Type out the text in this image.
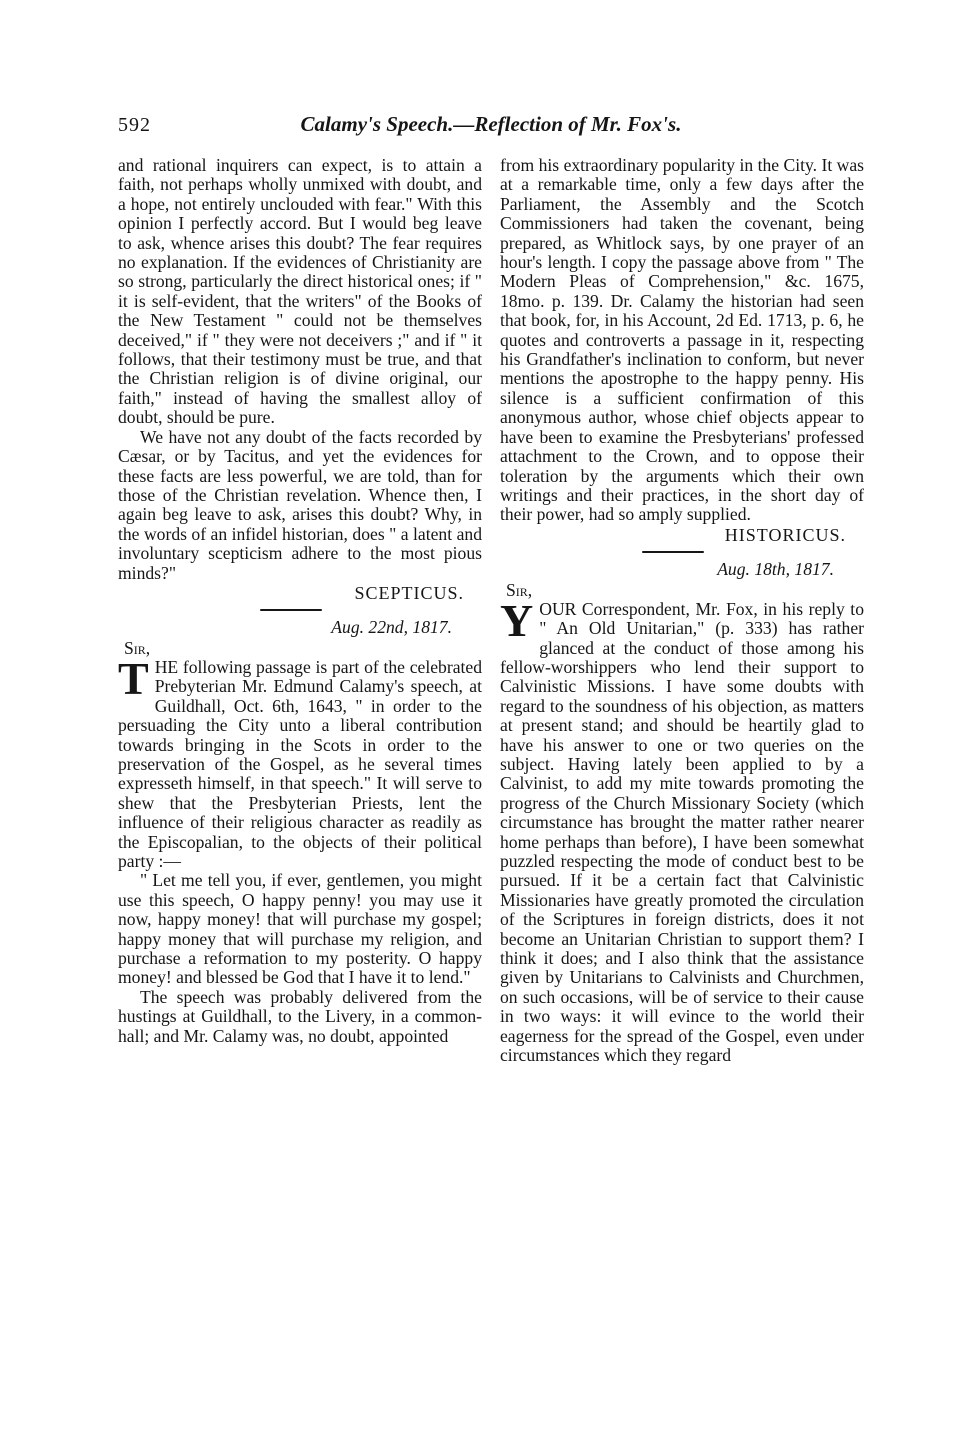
592	Calamy's Speech.—Reflection of Mr. Fox's.

and rational inquirers can expect, is to attain a faith, not perhaps wholly unmixed with doubt, and a hope, not entirely unclouded with fear." With this opinion I perfectly accord. But I would beg leave to ask, whence arises this doubt? The fear requires no explanation. If the evidences of Christianity are so strong, particularly the direct historical ones; if " it is self-evident, that the writers" of the Books of the New Testament " could not be themselves deceived," if " they were not deceivers ;" and if " it follows, that their testimony must be true, and that the Christian religion is of divine original, our faith," instead of having the smallest alloy of doubt, should be pure.

We have not any doubt of the facts recorded by Cæsar, or by Tacitus, and yet the evidences for these facts are less powerful, we are told, than for those of the Christian revelation. Whence then, I again beg leave to ask, arises this doubt? Why, in the words of an infidel historian, does " a latent and involuntary scepticism adhere to the most pious minds?"

SCEPTICUS.
Aug. 22nd, 1817.
Sir,

THE following passage is part of the celebrated Prebyterian Mr. Edmund Calamy's speech, at Guildhall, Oct. 6th, 1643, " in order to the persuading the City unto a liberal contribution towards bringing in the Scots in order to the preservation of the Gospel, as he several times expresseth himself, in that speech." It will serve to shew that the Presbyterian Priests, lent the influence of their religious character as readily as the Episcopalian, to the objects of their political party :—

" Let me tell you, if ever, gentlemen, you might use this speech, O happy penny! you may use it now, happy money! that will purchase my gospel; happy money that will purchase my religion, and purchase a reformation to my posterity. O happy money! and blessed be God that I have it to lend."

The speech was probably delivered from the hustings at Guildhall, to the Livery, in a common-hall; and Mr. Calamy was, no doubt, appointed

from his extraordinary popularity in the City. It was at a remarkable time, only a few days after the Parliament, the Assembly and the Scotch Commissioners had taken the covenant, being prepared, as Whitlock says, by one prayer of an hour's length. I copy the passage above from " The Modern Pleas of Comprehension," &c. 1675, 18mo. p. 139. Dr. Calamy the historian had seen that book, for, in his Account, 2d Ed. 1713, p. 6, he quotes and controverts a passage in it, respecting his Grandfather's inclination to conform, but never mentions the apostrophe to the happy penny. His silence is a sufficient confirmation of this anonymous author, whose chief objects appear to have been to examine the Presbyterians' professed attachment to the Crown, and to oppose their toleration by the arguments which their own writings and their practices, in the short day of their power, had so amply supplied.

HISTORICUS.
Aug. 18th, 1817.
Sir,

YOUR Correspondent, Mr. Fox, in his reply to " An Old Unitarian," (p. 333) has rather glanced at the conduct of those among his fellow-worshippers who lend their support to Calvinistic Missions. I have some doubts with regard to the soundness of his objection, as matters at present stand; and should be heartily glad to have his answer to one or two queries on the subject. Having lately been applied to by a Calvinist, to add my mite towards promoting the progress of the Church Missionary Society (which circumstance has brought the matter rather nearer home perhaps than before), I have been somewhat puzzled respecting the mode of conduct best to be pursued. If it be a certain fact that Calvinistic Missionaries have greatly promoted the circulation of the Scriptures in foreign districts, does it not become an Unitarian Christian to support them? I think it does; and I also think that the assistance given by Unitarians to Calvinists and Churchmen, on such occasions, will be of service to their cause in two ways: it will evince to the world their eagerness for the spread of the Gospel, even under circumstances which they regard
